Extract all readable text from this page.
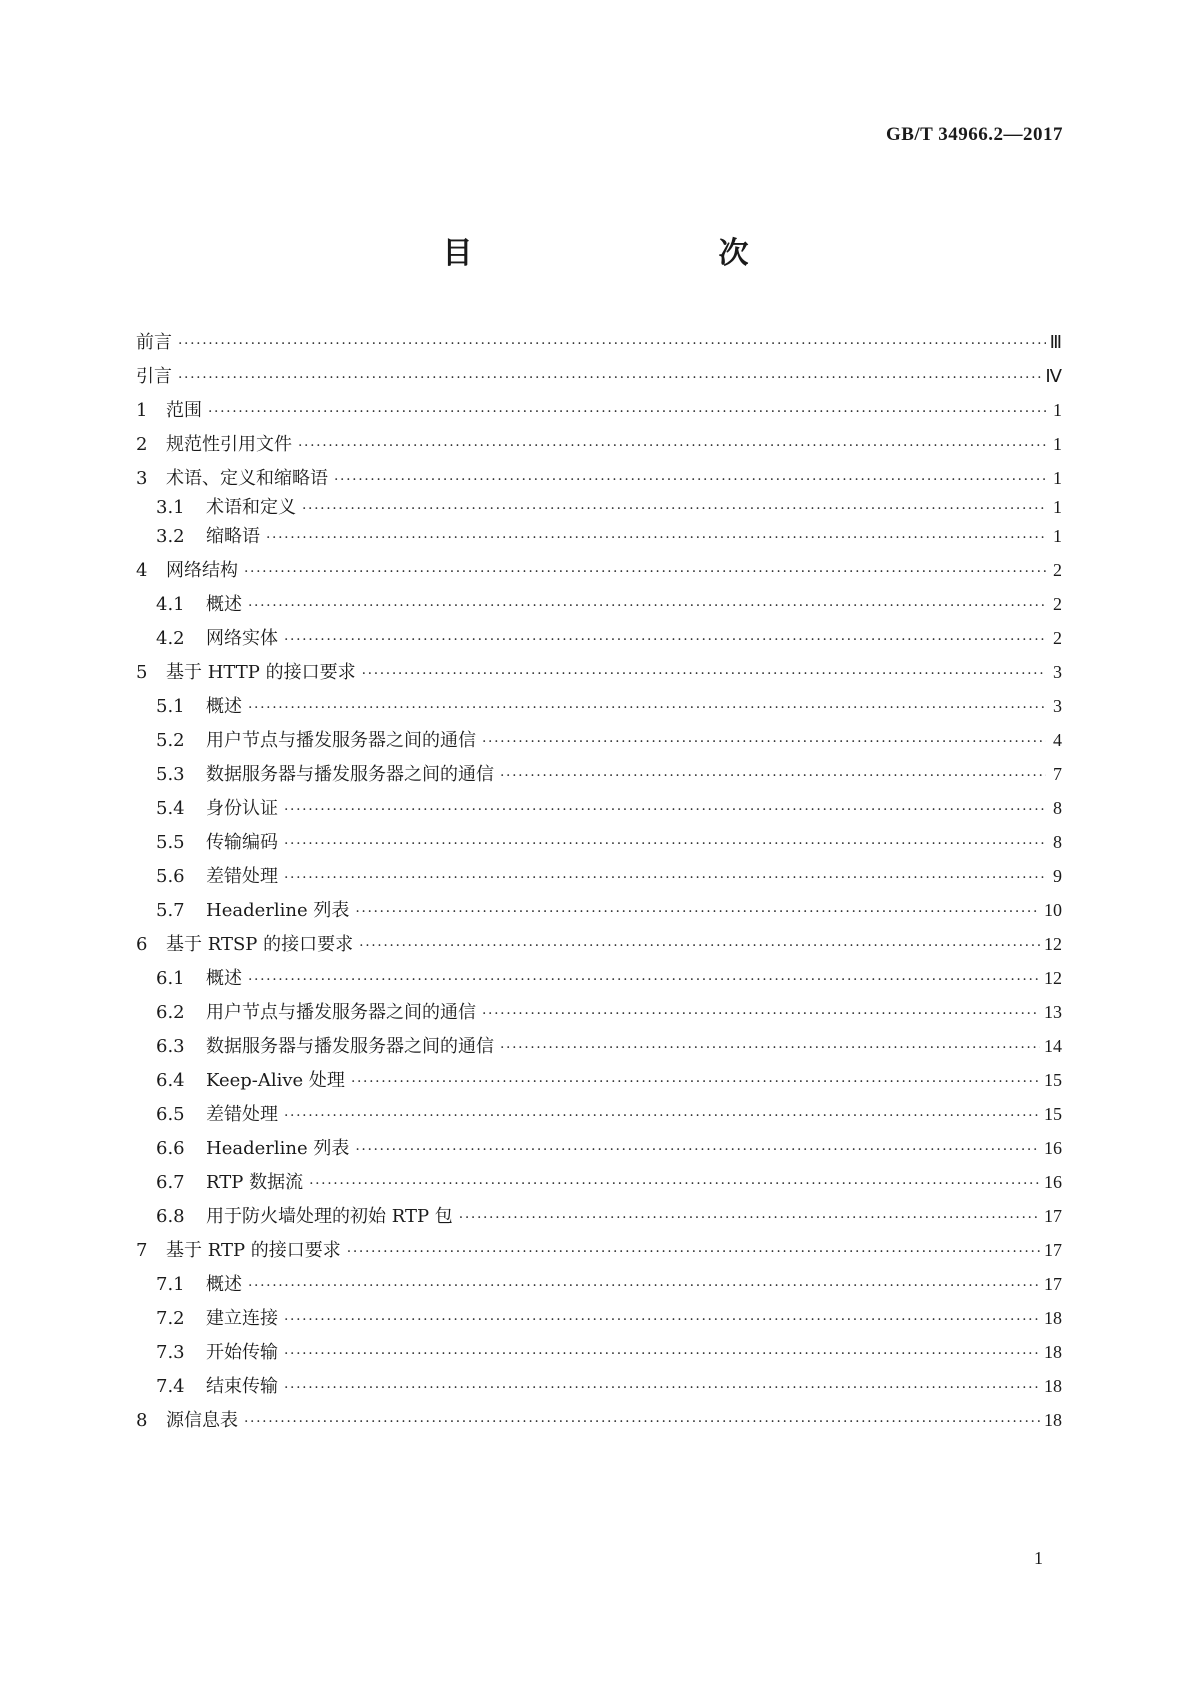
GB/T 34966.2—2017
目　　次
前言 ·····	Ⅲ
引言 ·····	Ⅳ
1	范围 ·····	1
2	规范性引用文件 ·····	1
3	术语、定义和缩略语 ·····	1
3.1	术语和定义 ·····	1
3.2	缩略语 ·····	1
4	网络结构 ·····	2
4.1	概述 ·····	2
4.2	网络实体 ·····	2
5	基于 HTTP 的接口要求 ·····	3
5.1	概述 ·····	3
5.2	用户节点与播发服务器之间的通信 ·····	4
5.3	数据服务器与播发服务器之间的通信 ·····	7
5.4	身份认证 ·····	8
5.5	传输编码 ·····	8
5.6	差错处理 ·····	9
5.7	Headerline 列表 ·····	10
6	基于 RTSP 的接口要求 ·····	12
6.1	概述 ·····	12
6.2	用户节点与播发服务器之间的通信 ·····	13
6.3	数据服务器与播发服务器之间的通信 ·····	14
6.4	Keep-Alive 处理 ·····	15
6.5	差错处理 ·····	15
6.6	Headerline 列表 ·····	16
6.7	RTP 数据流 ·····	16
6.8	用于防火墙处理的初始 RTP 包 ·····	17
7	基于 RTP 的接口要求 ·····	17
7.1	概述 ·····	17
7.2	建立连接 ·····	18
7.3	开始传输 ·····	18
7.4	结束传输 ·····	18
8	源信息表 ·····	18
1
